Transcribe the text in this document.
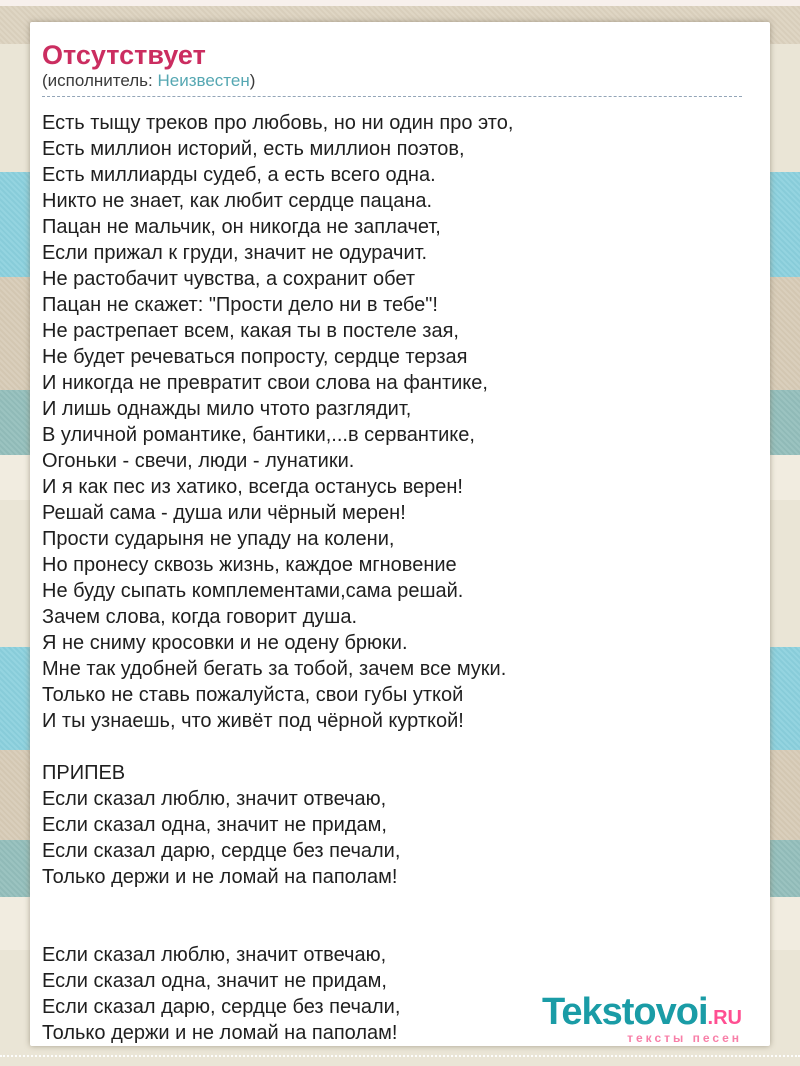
Отсутствует

(исполнитель: Неизвестен)

Есть тыщу треков про любовь, но ни один про это,
Есть миллион историй, есть миллион поэтов,
Есть миллиарды судеб, а есть всего одна.
Никто не знает, как любит сердце пацана.
Пацан не мальчик, он никогда не заплачет,
Если прижал к груди, значит не одурачит.
Не растобачит чувства, а сохранит обет
Пацан не скажет: "Прости дело ни в тебе"!
Не растрепает всем, какая ты в постеле зая,
Не будет речеваться попросту, сердце терзая
И никогда не превратит свои слова на фантике,
И лишь однажды мило чтото разглядит,
В уличной романтике, бантики,...в сервантике,
Огоньки - свечи, люди - лунатики.
И я как пес из хатико, всегда останусь верен!
Решай сама - душа или чёрный мерен!
Прости сударыня не упаду на колени,
Но пронесу сквозь жизнь, каждое мгновение
Не буду сыпать комплементами,сама решай.
Зачем слова, когда говорит душа.
Я не сниму кросовки и не одену брюки.
Мне так удобней бегать за тобой, зачем все муки.
Только не ставь пожалуйста, свои губы уткой
И ты узнаешь, что живёт под чёрной курткой!

ПРИПЕВ
Если сказал люблю, значит отвечаю,
Если сказал одна, значит не придам,
Если сказал дарю, сердце без печали,
Только держи и не ломай на паполам!

Если сказал люблю, значит отвечаю,
Если сказал одна, значит не придам,
Если сказал дарю, сердце без печали,
Только держи и не ломай на паполам!	Tekstovoi.RU
тексты песен
